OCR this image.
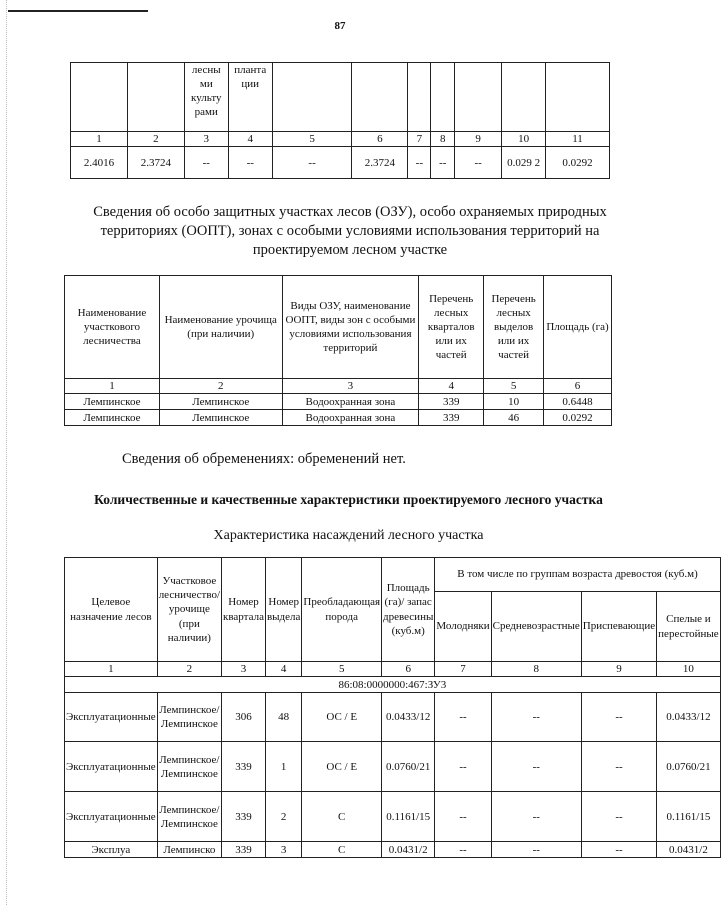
87
		лесны ми культу рами	планта ции							
1	2	3	4	5	6	7	8	9	10	11
2.4016	2.3724	--	--	--	2.3724	--	--	--	0.029 2	0.0292
Сведения об особо защитных участках лесов (ОЗУ), особо охраняемых природных территориях (ООПТ), зонах с особыми условиями использования территорий на проектируемом лесном участке
Наименование участкового лесничества	Наименование урочища (при наличии)	Виды ОЗУ, наименование ООПТ, виды зон с особыми условиями использования территорий	Перечень лесных кварталов или их частей	Перечень лесных выделов или их частей	Площадь (га)
1	2	3	4	5	6
Лемпинское	Лемпинское	Водоохранная зона	339	10	0.6448
Лемпинское	Лемпинское	Водоохранная зона	339	46	0.0292
Сведения об обременениях: обременений нет.
Количественные и качественные характеристики проектируемого лесного участка
Характеристика насаждений лесного участка
Целевое назначение лесов	Участковое лесничество/урочище (при наличии)	Номер квартала	Номер выдела	Преобладающая порода	Площадь (га)/ запас древесины (куб.м)	В том числе по группам возраста древостоя (куб.м)			
						Молодняки	Средневозрастные	Приспевающие	Спелые и перестойные
1	2	3	4	5	6	7	8	9	10
86:08:0000000:467:ЗУ3									
Эксплуатационные	Лемпинское/Лемпинское	306	48	ОС / Е	0.0433/12	--	--	--	0.0433/12
Эксплуатационные	Лемпинское/Лемпинское	339	1	ОС / Е	0.0760/21	--	--	--	0.0760/21
Эксплуатационные	Лемпинское/Лемпинское	339	2	С	0.1161/15	--	--	--	0.1161/15
Эксплуа	Лемпинско	339	3	С	0.0431/2	--	--	--	0.0431/2
